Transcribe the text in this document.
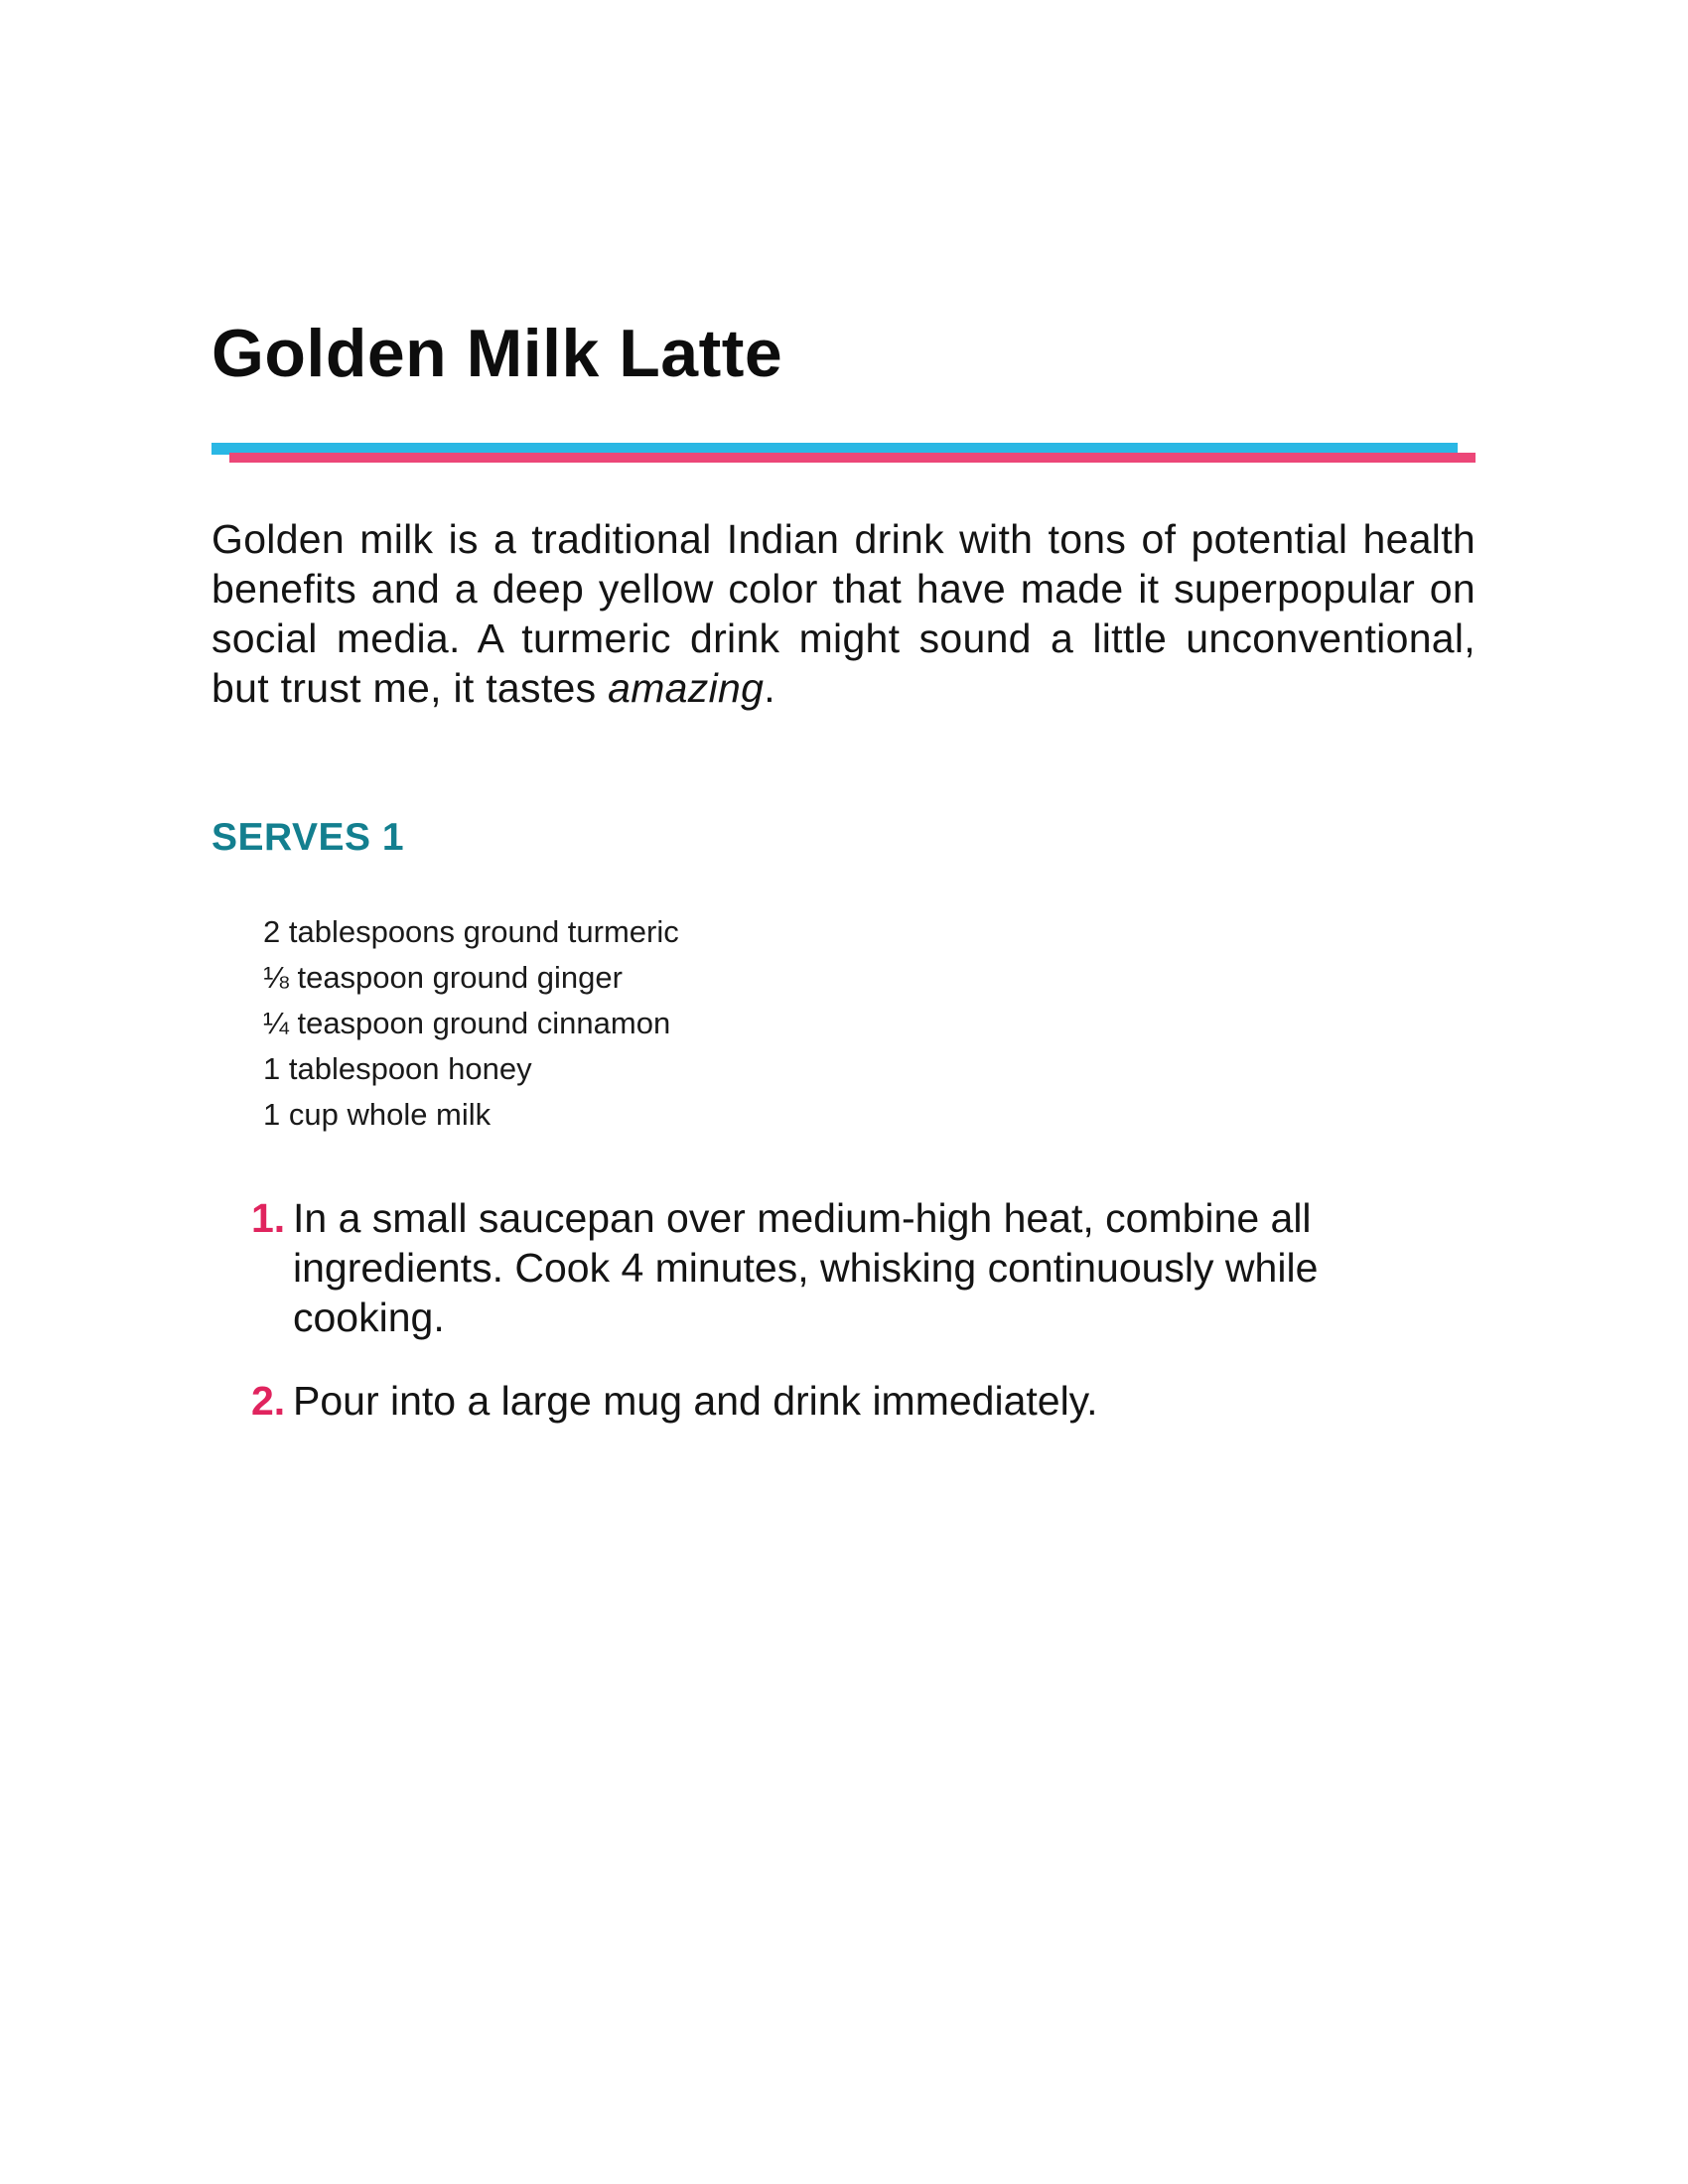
Golden Milk Latte

Golden milk is a traditional Indian drink with tons of potential health benefits and a deep yellow color that have made it superpopular on social media. A turmeric drink might sound a little unconventional, but trust me, it tastes amazing.

SERVES 1
2 tablespoons ground turmeric
⅛ teaspoon ground ginger
¼ teaspoon ground cinnamon
1 tablespoon honey
1 cup whole milk
1. In a small saucepan over medium-high heat, combine all ingredients. Cook 4 minutes, whisking continuously while cooking.
2. Pour into a large mug and drink immediately.
